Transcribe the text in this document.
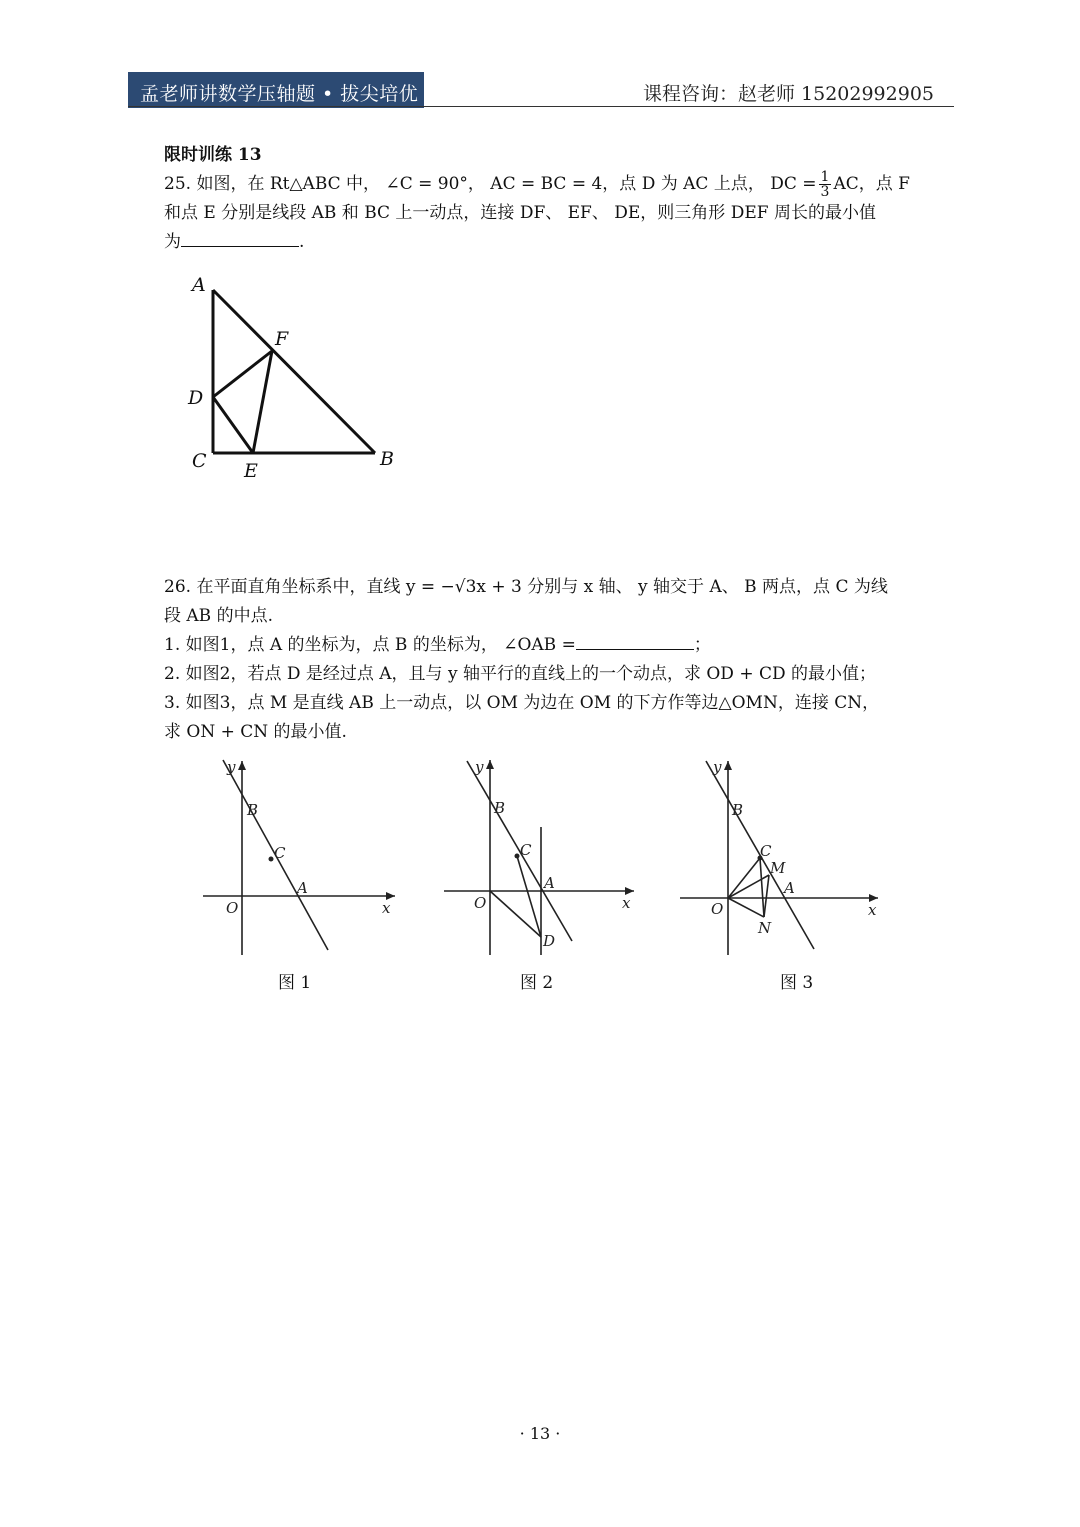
孟老师讲数学压轴题 • 拔尖培优	课程咨询：赵老师 15202992905
限时训练 13

25. 如图，在 Rt△ABC 中， ∠C = 90°， AC = BC = 4，点 D 为 AC 上点， DC = $\frac{1}{3}$ AC，点 F

和点 E 分别是线段 AB 和 BC 上一动点，连接 DF、 EF、 DE，则三角形 DEF 周长的最小值

为	.

A
F
D
C E
B

26. 在平面直角坐标系中，直线 y = −√3x + 3 分别与 x 轴、 y 轴交于 A、 B 两点，点 C 为线

段 AB 的中点.

1. 如图1，点 A 的坐标为，点 B 的坐标为， ∠OAB =	；

2. 如图2，若点 D 是经过点 A，且与 y 轴平行的直线上的一个动点，求 OD + CD 的最小值；

3. 如图3，点 M 是直线 AB 上一动点，以 OM 为边在 OM 的下方作等边△OMN，连接 CN，

求 ON + CN 的最小值.

y
x
O
B
C
A
图 1
y
x
O
B
C
A
D
图 2
y
x
O
B
C
M
A
N
图 3
· 13 ·
